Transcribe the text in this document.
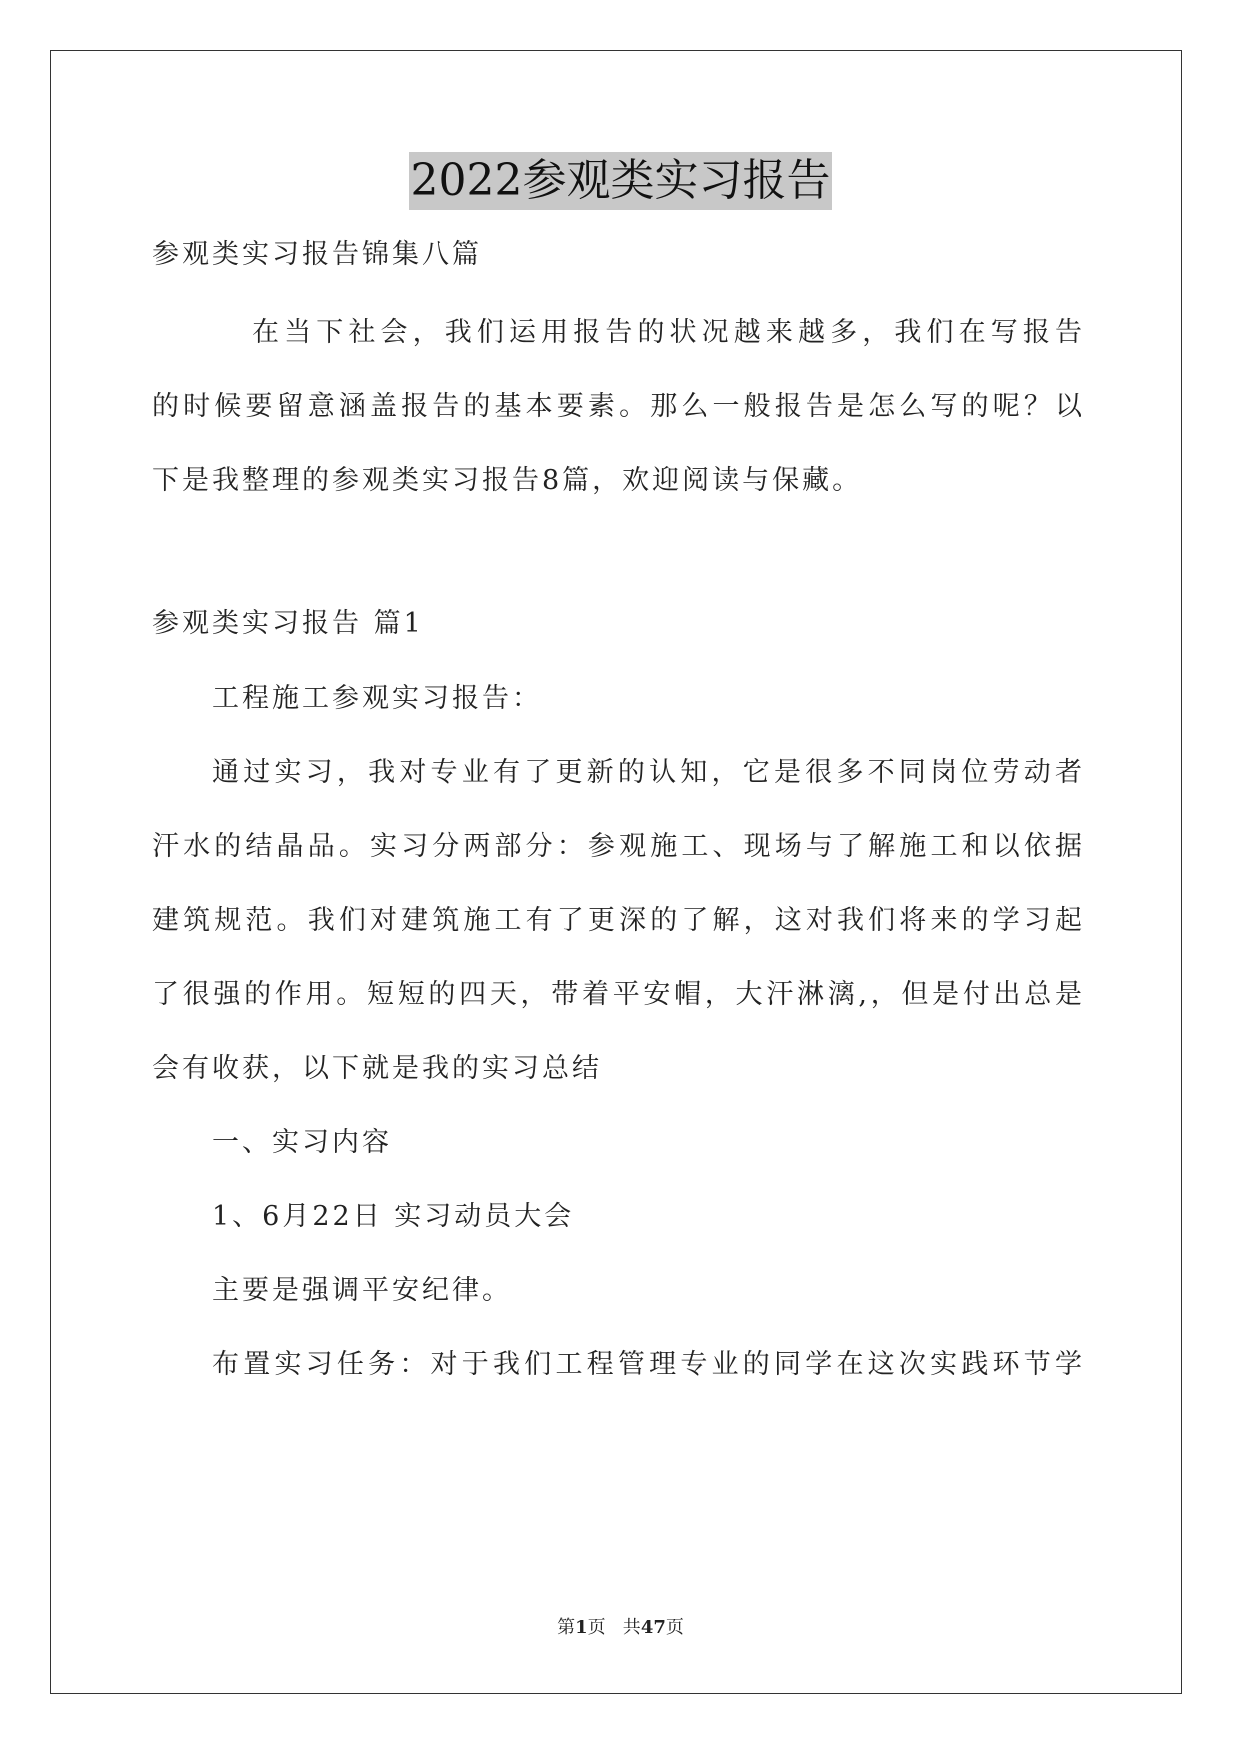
2022参观类实习报告
参观类实习报告锦集八篇
在当下社会，我们运用报告的状况越来越多，我们在写报告
的时候要留意涵盖报告的基本要素。那么一般报告是怎么写的呢？以
下是我整理的参观类实习报告8篇，欢迎阅读与保藏。
参观类实习报告 篇1
工程施工参观实习报告：
通过实习，我对专业有了更新的认知，它是很多不同岗位劳动者
汗水的结晶品。实习分两部分：参观施工、现场与了解施工和以依据
建筑规范。我们对建筑施工有了更深的了解，这对我们将来的学习起
了很强的作用。短短的四天，带着平安帽，大汗淋漓,，但是付出总是
会有收获，以下就是我的实习总结
一、实习内容
1、6月22日 实习动员大会
主要是强调平安纪律。
布置实习任务：对于我们工程管理专业的同学在这次实践环节学
第1页   共47页
